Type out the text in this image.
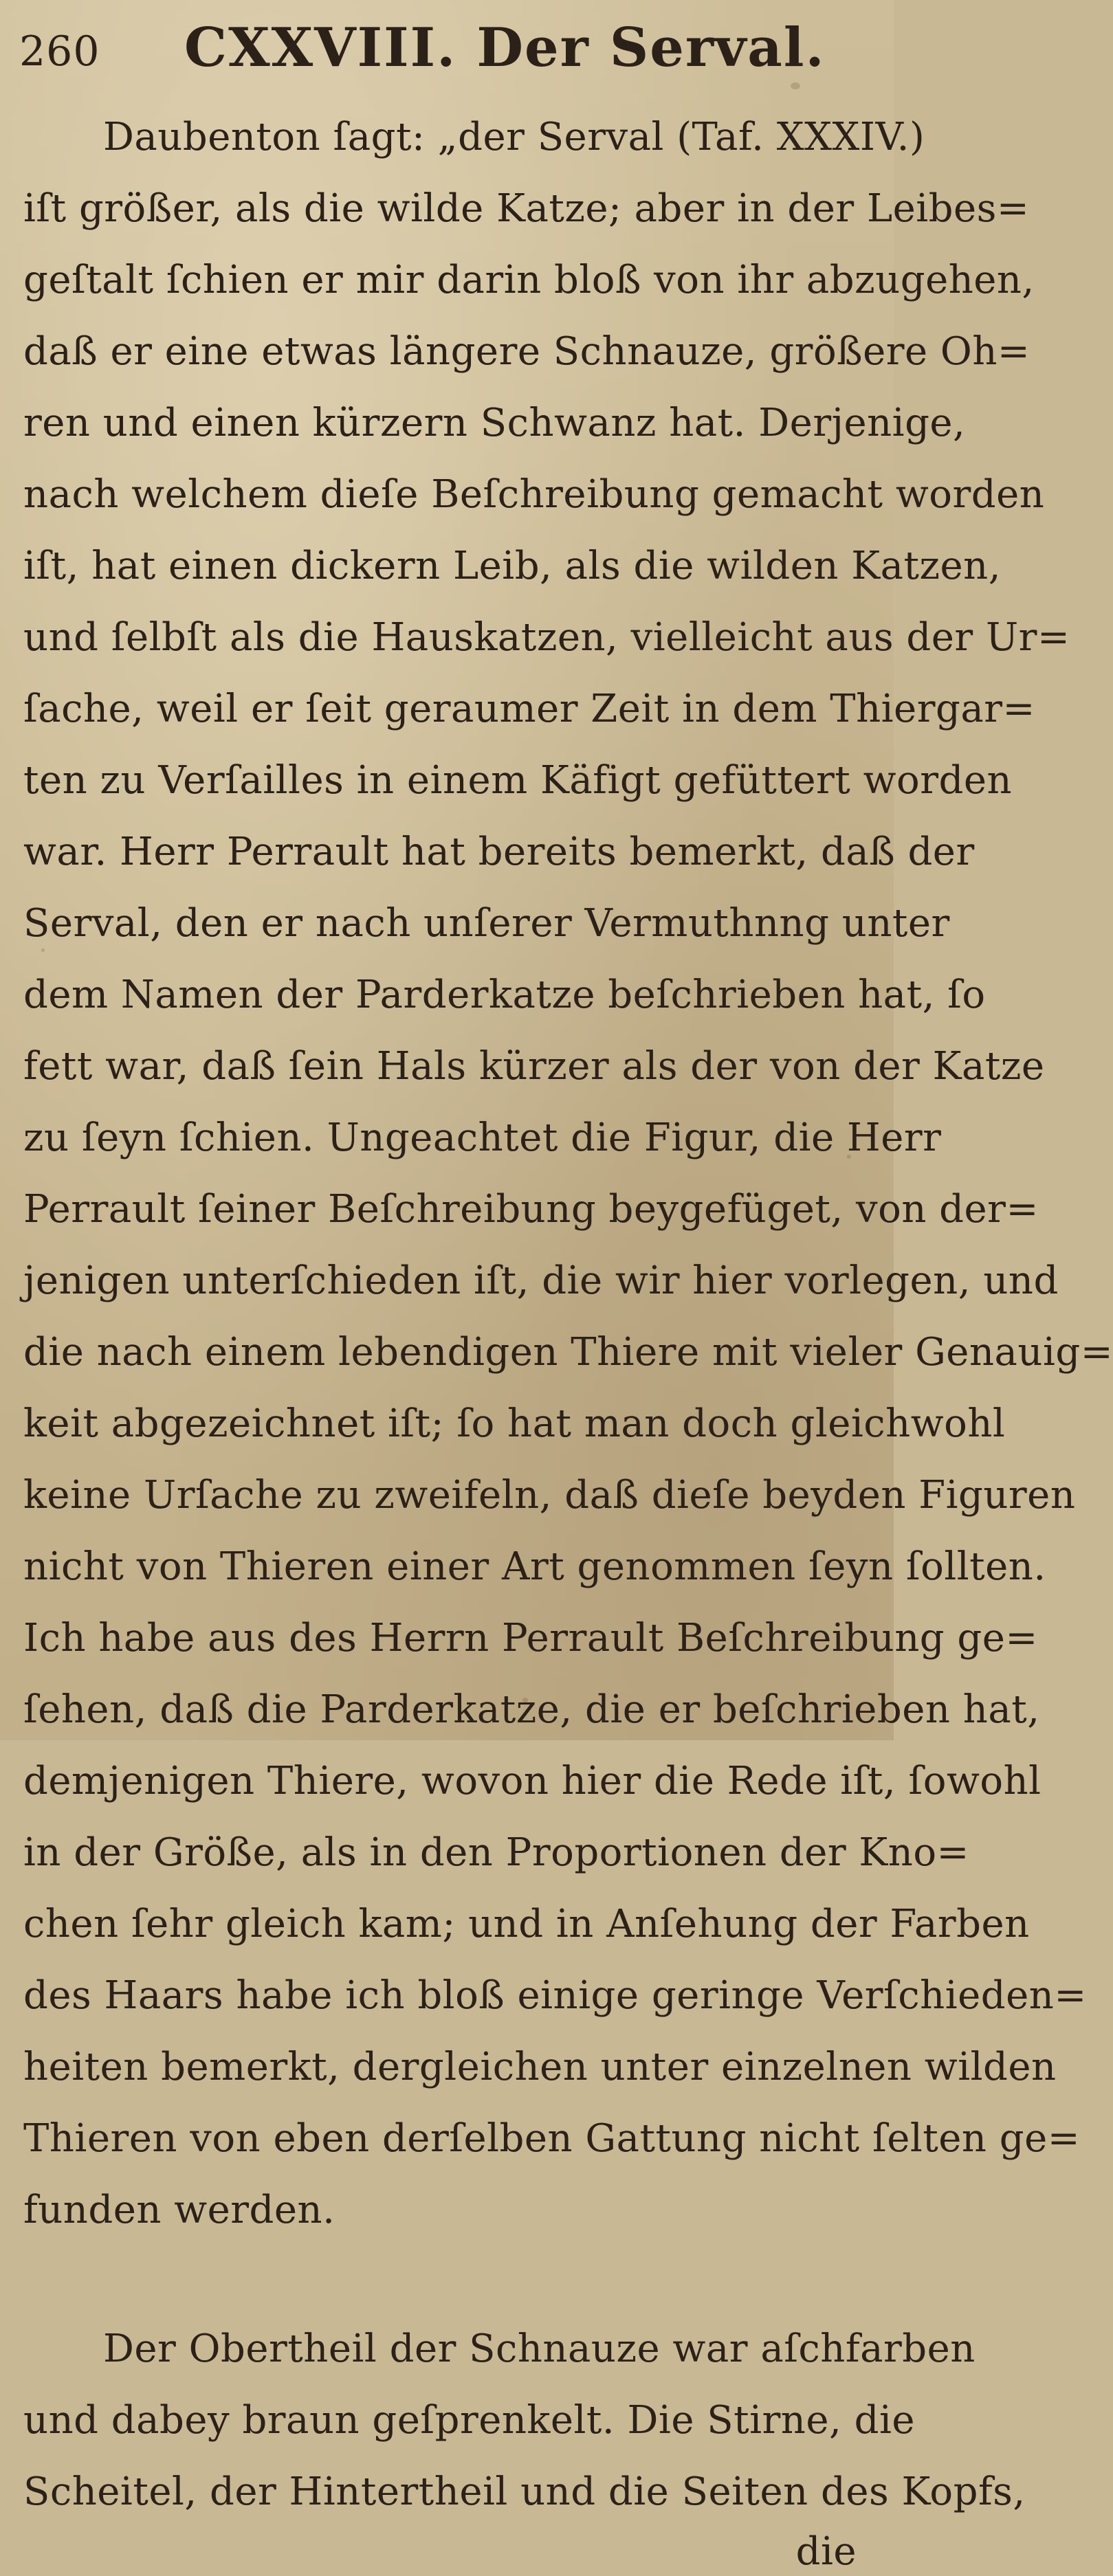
260 CXXVIII. Der Serval.
Daubenton ſagt: „der Serval (Taf. XXXIV.)
iſt größer, als die wilde Katze; aber in der Leibes=
geſtalt ſchien er mir darin bloß von ihr abzugehen,
daß er eine etwas längere Schnauze, größere Oh=
ren und einen kürzern Schwanz hat. Derjenige,
nach welchem dieſe Beſchreibung gemacht worden
iſt, hat einen dickern Leib, als die wilden Katzen,
und ſelbſt als die Hauskatzen, vielleicht aus der Ur=
ſache, weil er ſeit geraumer Zeit in dem Thiergar=
ten zu Verſailles in einem Käfigt gefüttert worden
war. Herr Perrault hat bereits bemerkt, daß der
Serval, den er nach unſerer Vermuthnng unter
dem Namen der Parderkatze beſchrieben hat, ſo
fett war, daß ſein Hals kürzer als der von der Katze
zu ſeyn ſchien. Ungeachtet die Figur, die Herr
Perrault ſeiner Beſchreibung beygefüget, von der=
jenigen unterſchieden iſt, die wir hier vorlegen, und
die nach einem lebendigen Thiere mit vieler Genauig=
keit abgezeichnet iſt; ſo hat man doch gleichwohl
keine Urſache zu zweifeln, daß dieſe beyden Figuren
nicht von Thieren einer Art genommen ſeyn ſollten.
Ich habe aus des Herrn Perrault Beſchreibung ge=
ſehen, daß die Parderkatze, die er beſchrieben hat,
demjenigen Thiere, wovon hier die Rede iſt, ſowohl
in der Größe, als in den Proportionen der Kno=
chen ſehr gleich kam; und in Anſehung der Farben
des Haars habe ich bloß einige geringe Verſchieden=
heiten bemerkt, dergleichen unter einzelnen wilden
Thieren von eben derſelben Gattung nicht ſelten ge=
funden werden.
Der Obertheil der Schnauze war aſchfarben
und dabey braun geſprenkelt. Die Stirne, die
Scheitel, der Hintertheil und die Seiten des Kopfs,
die
